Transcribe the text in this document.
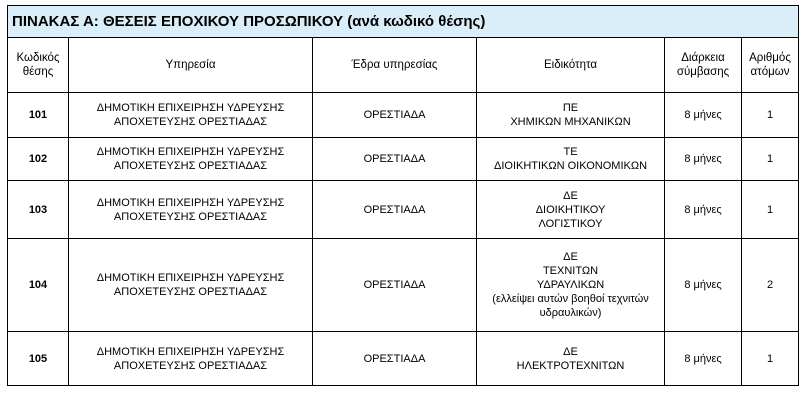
ΠΙΝΑΚΑΣ Α: ΘΕΣΕΙΣ ΕΠΟΧΙΚΟΥ ΠΡΟΣΩΠΙΚΟΥ (ανά κωδικό θέσης)					

Κωδικός
θέσης	Υπηρεσία	Έδρα υπηρεσίας	Ειδικότητα	Διάρκεια
σύμβασης	Αριθμός
ατόμων

101	ΔΗΜΟΤΙΚΗ ΕΠΙΧΕΙΡΗΣΗ ΥΔΡΕΥΣΗΣ
ΑΠΟΧΕΤΕΥΣΗΣ ΟΡΕΣΤΙΑΔΑΣ	ΟΡΕΣΤΙΑΔΑ	ΠΕ
ΧΗΜΙΚΩΝ ΜΗΧΑΝΙΚΩΝ	8 μήνες	1
102	ΔΗΜΟΤΙΚΗ ΕΠΙΧΕΙΡΗΣΗ ΥΔΡΕΥΣΗΣ
ΑΠΟΧΕΤΕΥΣΗΣ ΟΡΕΣΤΙΑΔΑΣ	ΟΡΕΣΤΙΑΔΑ	ΤΕ
ΔΙΟΙΚΗΤΙΚΩΝ ΟΙΚΟΝΟΜΙΚΩΝ	8 μήνες	1
103	ΔΗΜΟΤΙΚΗ ΕΠΙΧΕΙΡΗΣΗ ΥΔΡΕΥΣΗΣ
ΑΠΟΧΕΤΕΥΣΗΣ ΟΡΕΣΤΙΑΔΑΣ	ΟΡΕΣΤΙΑΔΑ	ΔΕ
ΔΙΟΙΚΗΤΙΚΟΥ
ΛΟΓΙΣΤΙΚΟΥ	8 μήνες	1
104	ΔΗΜΟΤΙΚΗ ΕΠΙΧΕΙΡΗΣΗ ΥΔΡΕΥΣΗΣ
ΑΠΟΧΕΤΕΥΣΗΣ ΟΡΕΣΤΙΑΔΑΣ	ΟΡΕΣΤΙΑΔΑ	ΔΕ
ΤΕΧΝΙΤΩΝ
ΥΔΡΑΥΛΙΚΩΝ
(ελλείψει αυτών βοηθοί τεχνιτών
υδραυλικών)	8 μήνες	2
105	ΔΗΜΟΤΙΚΗ ΕΠΙΧΕΙΡΗΣΗ ΥΔΡΕΥΣΗΣ
ΑΠΟΧΕΤΕΥΣΗΣ ΟΡΕΣΤΙΑΔΑΣ	ΟΡΕΣΤΙΑΔΑ	ΔΕ
ΗΛΕΚΤΡΟΤΕΧΝΙΤΩΝ	8 μήνες	1
